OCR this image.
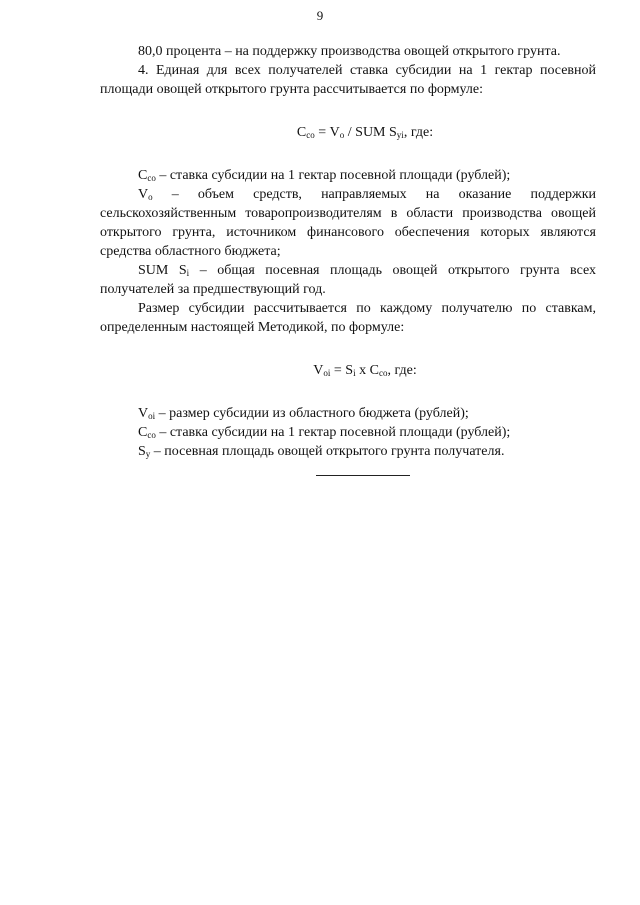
9

80,0 процента – на поддержку производства овощей открытого грунта.

4. Единая для всех получателей ставка субсидии на 1 гектар посевной площади овощей открытого грунта рассчитывается по формуле:

$C_{со} = V_o$ / SUM $S_{yi}$, где:

$C_{со}$ – ставка субсидии на 1 гектар посевной площади (рублей);

$V_o$ – объем средств, направляемых на оказание поддержки сельскохозяйственным товаропроизводителям в области производства овощей открытого грунта, источником финансового обеспечения которых являются средства областного бюджета;

SUM $S_i$ – общая посевная площадь овощей открытого грунта всех получателей за предшествующий год.

Размер субсидии рассчитывается по каждому получателю по ставкам, определенным настоящей Методикой, по формуле:

$V_{oi} = S_i$ x $C_{со}$, где:

$V_{oi}$ – размер субсидии из областного бюджета (рублей);

$C_{со}$ – ставка субсидии на 1 гектар посевной площади (рублей);

$S_y$ – посевная площадь овощей открытого грунта получателя.
